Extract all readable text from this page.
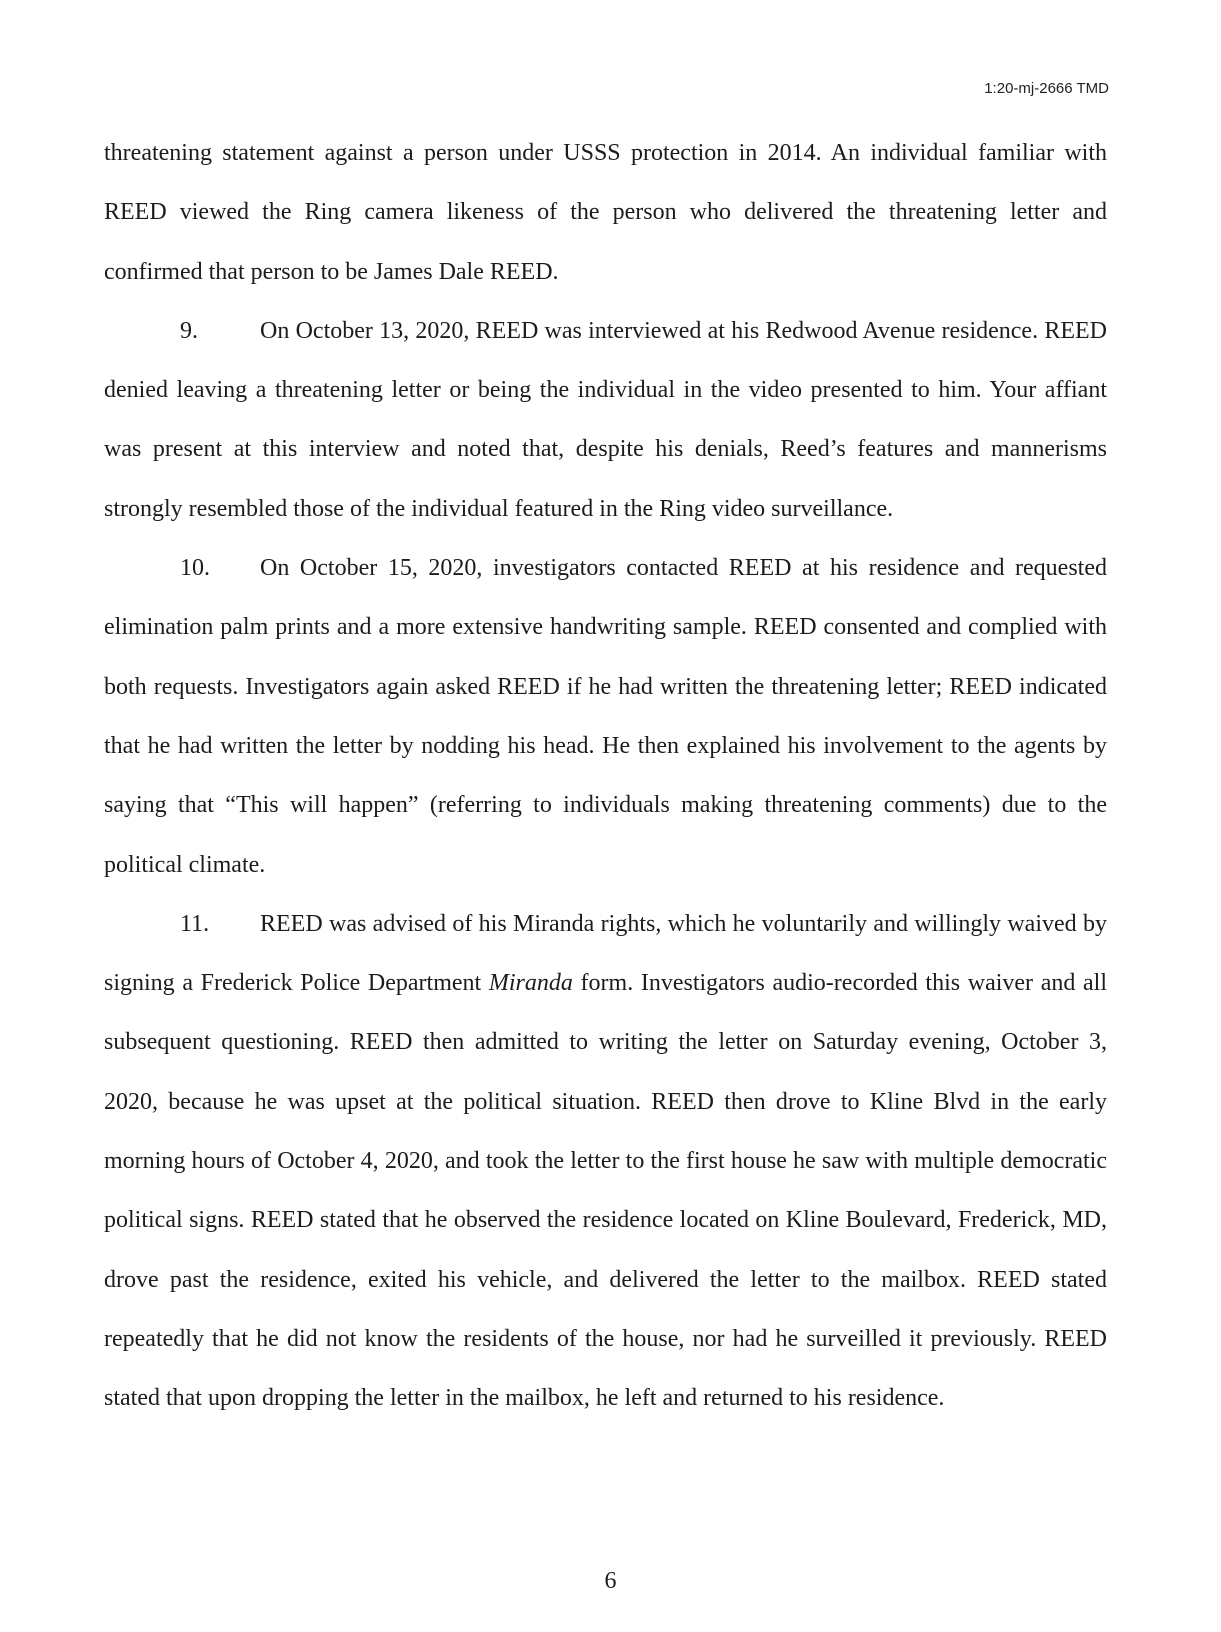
1:20-mj-2666 TMD

threatening statement against a person under USSS protection in 2014. An individual familiar with REED viewed the Ring camera likeness of the person who delivered the threatening letter and confirmed that person to be James Dale REED.

9.	On October 13, 2020, REED was interviewed at his Redwood Avenue residence. REED denied leaving a threatening letter or being the individual in the video presented to him. Your affiant was present at this interview and noted that, despite his denials, Reed’s features and mannerisms strongly resembled those of the individual featured in the Ring video surveillance.

10. On October 15, 2020, investigators contacted REED at his residence and requested elimination palm prints and a more extensive handwriting sample. REED consented and complied with both requests. Investigators again asked REED if he had written the threatening letter; REED indicated that he had written the letter by nodding his head. He then explained his involvement to the agents by saying that “This will happen” (referring to individuals making threatening comments) due to the political climate.

11. REED was advised of his Miranda rights, which he voluntarily and willingly waived by signing a Frederick Police Department Miranda form. Investigators audio-recorded this waiver and all subsequent questioning. REED then admitted to writing the letter on Saturday evening, October 3, 2020, because he was upset at the political situation. REED then drove to Kline Blvd in the early morning hours of October 4, 2020, and took the letter to the first house he saw with multiple democratic political signs. REED stated that he observed the residence located on Kline Boulevard, Frederick, MD, drove past the residence, exited his vehicle, and delivered the letter to the mailbox. REED stated repeatedly that he did not know the residents of the house, nor had he surveilled it previously. REED stated that upon dropping the letter in the mailbox, he left and returned to his residence.

6
